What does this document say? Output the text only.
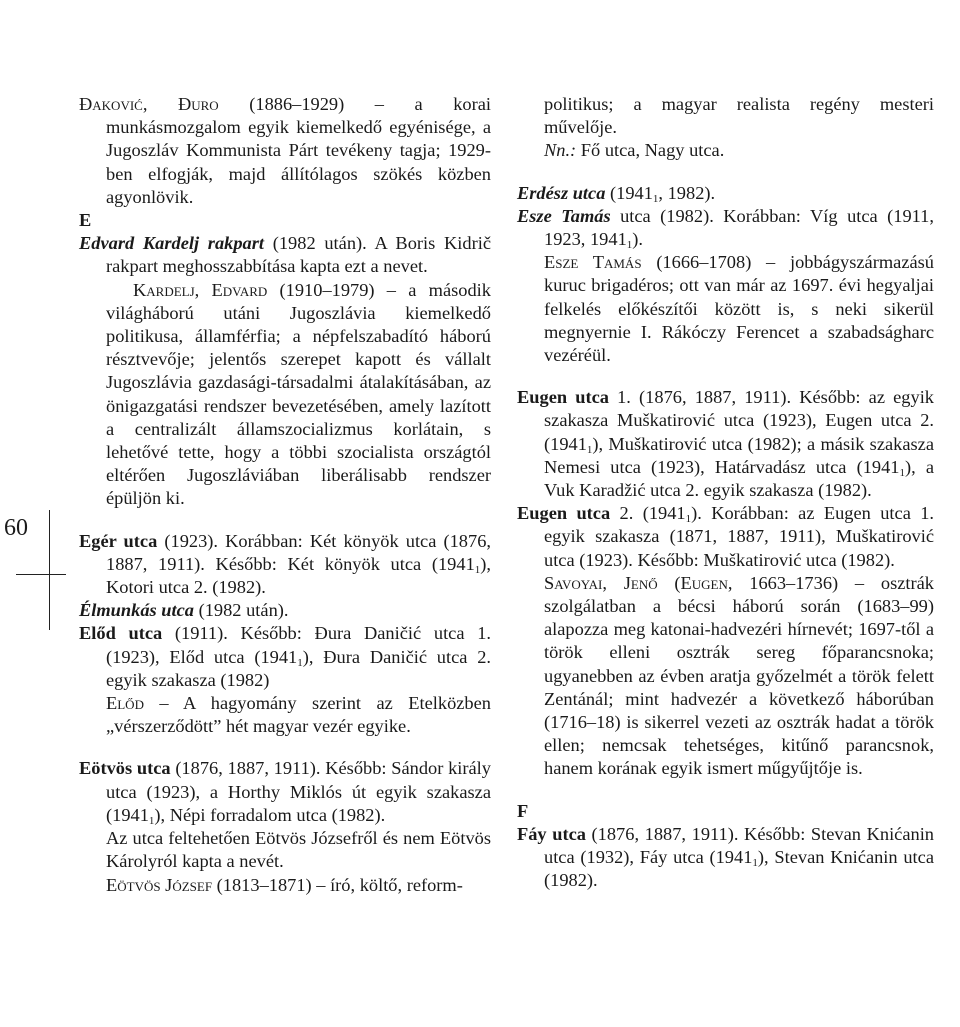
60

Đaković, Đuro (1886–1929) – a korai munkásmozgalom egyik kiemelkedő egyénisége, a Jugoszláv Kommunista Párt tevékeny tagja; 1929-ben elfogják, majd állítólagos szökés közben agyonlövik.

E

Edvard Kardelj rakpart (1982 után). A Boris Kidrič rakpart meghosszabbítása kapta ezt a nevet.

Kardelj, Edvard (1910–1979) – a második világháború utáni Jugoszlávia kiemelkedő politikusa, államférfia; a népfelszabadító háború résztvevője; jelentős szerepet kapott és vállalt Jugoszlávia gazdasági-társadalmi átalakításában, az önigazgatási rendszer bevezetésében, amely lazított a centralizált államszocializmus korlátain, s lehetővé tette, hogy a többi szocialista országtól eltérően Jugoszláviában liberálisabb rendszer épüljön ki.

Egér utca (1923). Korábban: Két könyök utca (1876, 1887, 1911). Később: Két könyök utca $(1941_1)$, Kotori utca 2. (1982).

Élmunkás utca (1982 után).

Előd utca (1911). Később: Đura Daničić utca 1. (1923), Előd utca $(1941_1)$, Đura Daničić utca 2. egyik szakasza (1982)

Előd – A hagyomány szerint az Etelközben „vérszerződött” hét magyar vezér egyike.

Eötvös utca (1876, 1887, 1911). Később: Sándor király utca (1923), a Horthy Miklós út egyik szakasza $(1941_1)$, Népi forradalom utca (1982).

Az utca feltehetően Eötvös Józsefről és nem Eötvös Károlyról kapta a nevét.

Eötvös József (1813–1871) – író, költő, reform-

politikus; a magyar realista regény mesteri művelője.

Nn.: Fő utca, Nagy utca.

Erdész utca ($1941_1$, 1982).

Esze Tamás utca (1982). Korábban: Víg utca (1911, 1923, $1941_1$).

Esze Tamás (1666–1708) – jobbágyszármazású kuruc brigadéros; ott van már az 1697. évi hegyaljai felkelés előkészítői között is, s neki sikerül megnyernie I. Rákóczy Ferencet a szabadságharc vezéréül.

Eugen utca 1. (1876, 1887, 1911). Később: az egyik szakasza Muškatirović utca (1923), Eugen utca 2. $(1941_1)$, Muškatirović utca (1982); a másik szakasza Nemesi utca (1923), Határvadász utca $(1941_1)$, a Vuk Karadžić utca 2. egyik szakasza (1982).

Eugen utca 2. $(1941_1)$. Korábban: az Eugen utca 1. egyik szakasza (1871, 1887, 1911), Muškatirović utca (1923). Később: Muškatirović utca (1982).

Savoyai, Jenő (Eugen, 1663–1736) – osztrák szolgálatban a bécsi háború során (1683–99) alapozza meg katonai-hadvezéri hírnevét; 1697-től a török elleni osztrák sereg főparancsnoka; ugyanebben az évben aratja győzelmét a török felett Zentánál; mint hadvezér a következő háborúban (1716–18) is sikerrel vezeti az osztrák hadat a török ellen; nemcsak tehetséges, kitűnő parancsnok, hanem korának egyik ismert műgyűjtője is.

F

Fáy utca (1876, 1887, 1911). Később: Stevan Knićanin utca (1932), Fáy utca $(1941_1)$, Stevan Knićanin utca (1982).
